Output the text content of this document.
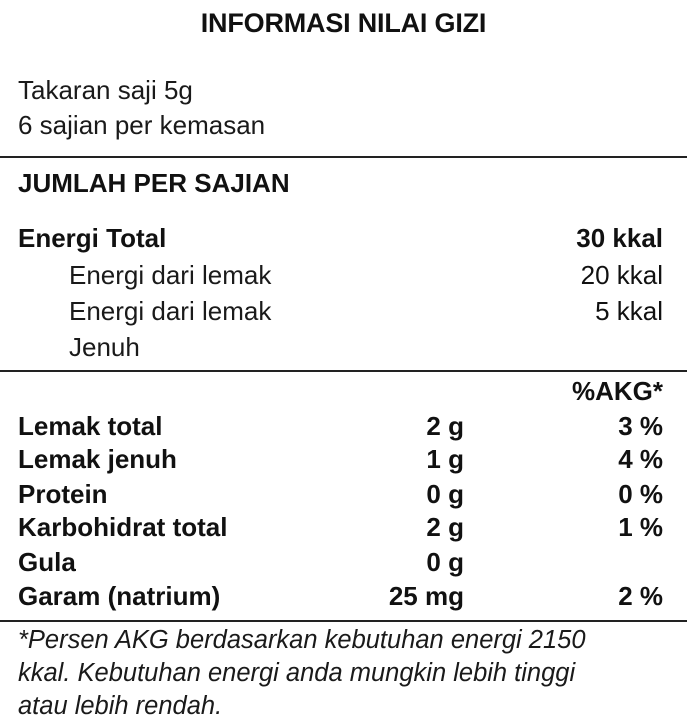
INFORMASI NILAI GIZI
Takaran saji 5g
6 sajian per kemasan
JUMLAH PER SAJIAN
Energi Total	30 kkal
Energi dari lemak	20 kkal
Energi dari lemak	5 kkal
Jenuh
%AKG*
Lemak total	2 g	3 %
Lemak jenuh	1 g	4 %
Protein	0 g	0 %
Karbohidrat total	2 g	1 %
Gula	0 g
Garam (natrium)	25 mg	2 %
*Persen AKG berdasarkan kebutuhan energi 2150
kkal. Kebutuhan energi anda mungkin lebih tinggi
atau lebih rendah.
